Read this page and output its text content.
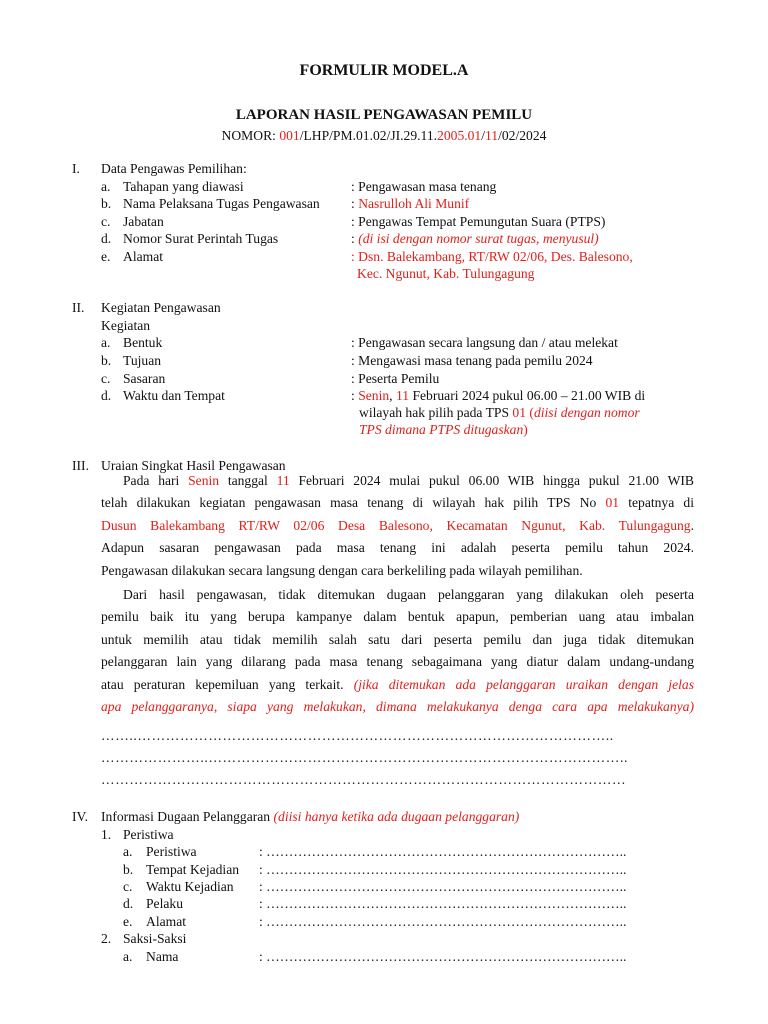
FORMULIR MODEL.A
LAPORAN HASIL PENGAWASAN PEMILU
NOMOR: 001/LHP/PM.01.02/JI.29.11.2005.01/11/02/2024
I. Data Pengawas Pemilihan:
a. Tahapan yang diawasi	: Pengawasan masa tenang
b. Nama Pelaksana Tugas Pengawasan : Nasrulloh Ali Munif
c. Jabatan	: Pengawas Tempat Pemungutan Suara (PTPS)
d. Nomor Surat Perintah Tugas	: (di isi dengan nomor surat tugas, menyusul)
e. Alamat	: Dsn. Balekambang, RT/RW 02/06, Des. Balesono,
Kec. Ngunut, Kab. Tulungagung
II. Kegiatan Pengawasan
Kegiatan
a. Bentuk	: Pengawasan secara langsung dan / atau melekat
b. Tujuan	: Mengawasi masa tenang pada pemilu 2024
c. Sasaran	: Peserta Pemilu
d. Waktu dan Tempat	: Senin, 11 Februari 2024 pukul 06.00 – 21.00 WIB di
wilayah hak pilih pada TPS 01 (diisi dengan nomor
TPS dimana PTPS ditugaskan)
III. Uraian Singkat Hasil Pengawasan
Pada hari Senin tanggal 11 Februari 2024 mulai pukul 06.00 WIB hingga pukul 21.00 WIB
telah dilakukan kegiatan pengawasan masa tenang di wilayah hak pilih TPS No 01 tepatnya di
Dusun Balekambang RT/RW 02/06 Desa Balesono, Kecamatan Ngunut, Kab. Tulungagung.
Adapun sasaran pengawasan pada masa tenang ini adalah peserta pemilu tahun 2024.
Pengawasan dilakukan secara langsung dengan cara berkeliling pada wilayah pemilihan.
Dari hasil pengawasan, tidak ditemukan dugaan pelanggaran yang dilakukan oleh peserta
pemilu baik itu yang berupa kampanye dalam bentuk apapun, pemberian uang atau imbalan
untuk memilih atau tidak memilih salah satu dari peserta pemilu dan juga tidak ditemukan
pelanggaran lain yang dilarang pada masa tenang sebagaimana yang diatur dalam undang-undang
atau peraturan kepemiluan yang terkait. (jika ditemukan ada pelanggaran uraikan dengan jelas
apa pelanggaranya, siapa yang melakukan, dimana melakukanya denga cara apa melakukanya)
……..………………………………………………………………………………………..
…………………..……………………………………………………………………………..
…………………………………………………………………………………………………
IV. Informasi Dugaan Pelanggaran (diisi hanya ketika ada dugaan pelanggaran)
1. Peristiwa
a. Peristiwa	: ……………………………………………………………………..
b. Tempat Kejadian : ……………………………………………………………………..
c. Waktu Kejadian : ……………………………………………………………………..
d. Pelaku	: ……………………………………………………………………..
e. Alamat	: ……………………………………………………………………..
2. Saksi-Saksi
a. Nama	: ……………………………………………………………………..
